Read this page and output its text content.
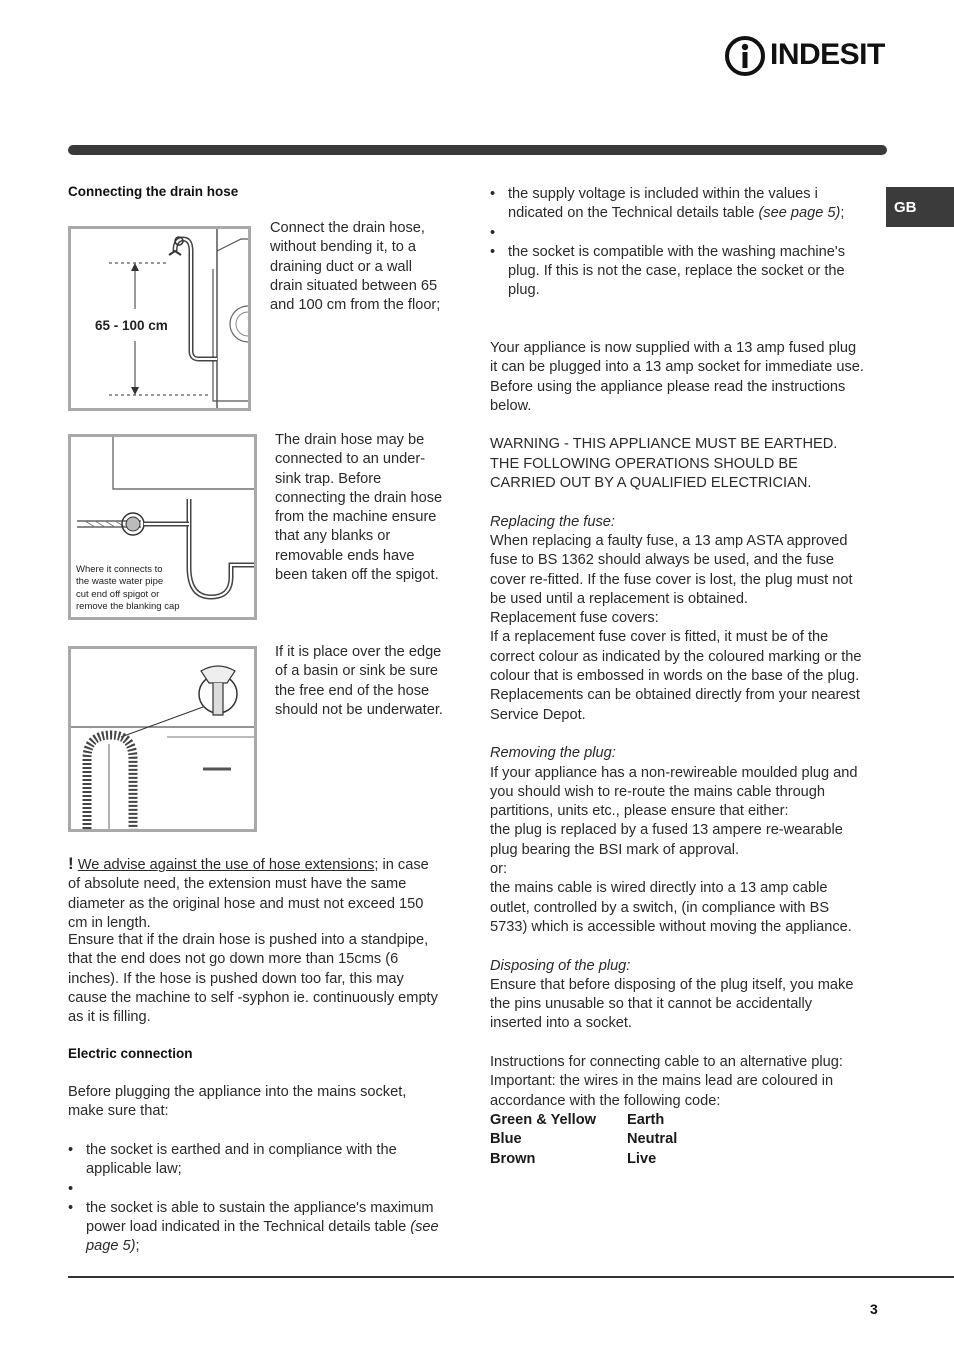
INDESIT
GB
Connecting the drain hose
65 - 100 cm
Connect the drain hose, without bending it, to a draining duct or a wall drain situated between 65 and 100 cm from the floor;
Where it connects to
the waste water pipe
cut end off spigot or
remove the blanking cap
The drain hose may be connected to an under-sink trap. Before connecting the drain hose from the machine ensure that any blanks or removable ends have been taken off the spigot.
If it is place over the edge of a basin or sink be sure the free end of the hose should not be underwater.
! We advise against the use of hose extensions; in case of absolute need, the extension must have the same diameter as the original hose and must not exceed 150 cm in length.
Ensure that if the drain hose is pushed into a standpipe, that the end does not go down more than 15cms (6 inches). If the hose is pushed down too far, this may cause the machine to self -syphon ie. continuously empty as it is filling.
Electric connection
Before plugging the appliance into the mains socket, make sure that:
• the socket is earthed and in compliance with the applicable law;
•
• the socket is able to sustain the appliance's maximum power load indicated in the Technical details table (see page 5);
• the supply voltage is included within the values i ndicated on the Technical details table (see page 5);
•
• the socket is compatible with the washing machine's plug. If this is not the case, replace the socket or the plug.

Your appliance is now supplied with a 13 amp fused plug it can be plugged into a 13 amp socket for immediate use. Before using the appliance please read the instructions below.

WARNING - THIS APPLIANCE MUST BE EARTHED. THE FOLLOWING OPERATIONS SHOULD BE CARRIED OUT BY A QUALIFIED ELECTRICIAN.

Replacing the fuse:

When replacing a faulty fuse, a 13 amp ASTA approved fuse to BS 1362 should always be used, and the fuse cover re-fitted. If the fuse cover is lost, the plug must not be used until a replacement is obtained.

Replacement fuse covers:

If a replacement fuse cover is fitted, it must be of the correct colour as indicated by the coloured marking or the colour that is embossed in words on the base of the plug. Replacements can be obtained directly from your nearest Service Depot.

Removing the plug:

If your appliance has a non-rewireable moulded plug and you should wish to re-route the mains cable through partitions, units etc., please ensure that either:

the plug is replaced by a fused 13 ampere re-wearable plug bearing the BSI mark of approval.

or:

the mains cable is wired directly into a 13 amp cable outlet, controlled by a switch, (in compliance with BS 5733) which is accessible without moving the appliance.

Disposing of the plug:

Ensure that before disposing of the plug itself, you make the pins unusable so that it cannot be accidentally inserted into a socket.

Instructions for connecting cable to an alternative plug:

Important: the wires in the mains lead are coloured in accordance with the following code:

Green & Yellow	Earth
Blue	Neutral
Brown	Live
3
